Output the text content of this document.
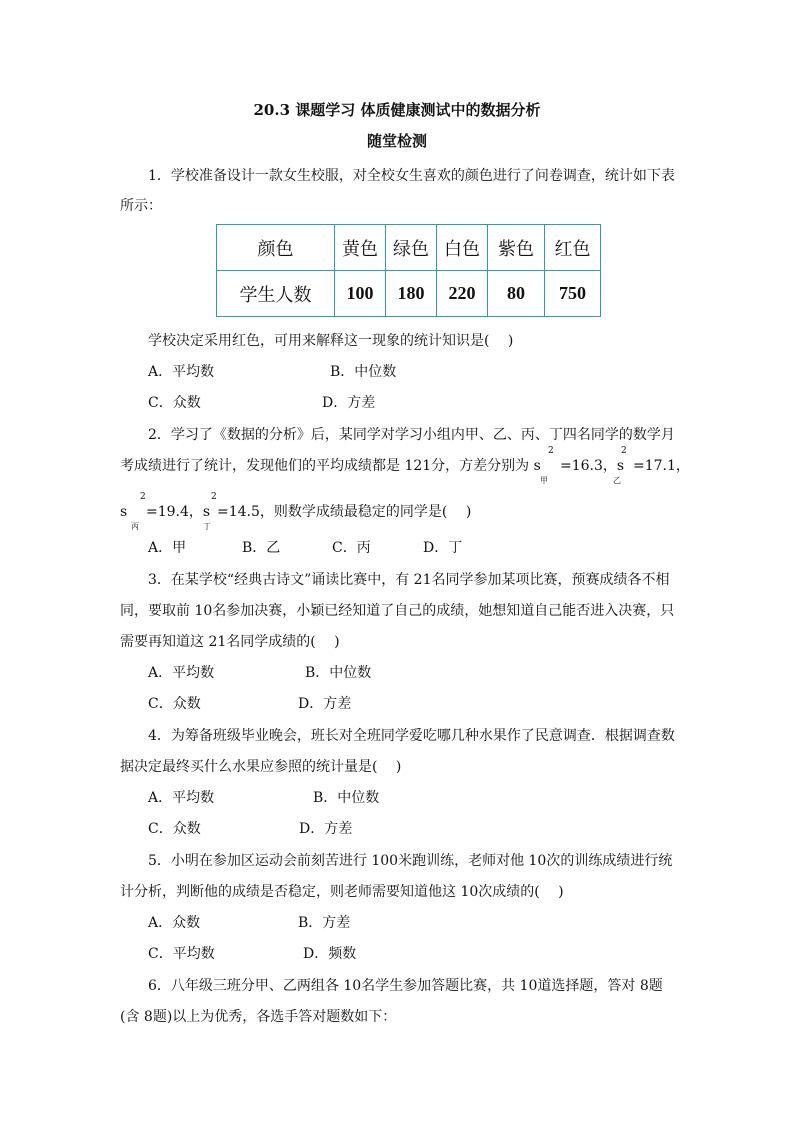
20.3 课题学习 体质健康测试中的数据分析
随堂检测
1．学校准备设计一款女生校服，对全校女生喜欢的颜色进行了问卷调查，统计如下表
所示：
颜色	黄色	绿色	白色	紫色	红色
学生人数	100	180	220	80	750
学校决定采用红色，可用来解释这一现象的统计知识是(　 )
A．平均数	B．中位数
C．众数	D．方差
2．学习了《数据的分析》后，某同学对学习小组内甲、乙、丙、丁四名同学的数学月
考成绩进行了统计，发现他们的平均成绩都是 121分，方差分别为 s
2
甲
=16.3，s
2
乙
=17.1，
s
2
丙
=19.4，s
2
丁
=14.5，则数学成绩最稳定的同学是(　 )
A．甲	B．乙	C．丙	D．丁
3．在某学校“经典古诗文”诵读比赛中，有 21名同学参加某项比赛，预赛成绩各不相
同，要取前 10名参加决赛，小颖已经知道了自己的成绩，她想知道自己能否进入决赛，只
需要再知道这 21名同学成绩的(　 )
A．平均数	B．中位数
C．众数	D．方差
4．为筹备班级毕业晚会，班长对全班同学爱吃哪几种水果作了民意调查．根据调查数
据决定最终买什么水果应参照的统计量是(　 )
A．平均数	B．中位数
C．众数	D．方差
5．小明在参加区运动会前刻苦进行 100米跑训练，老师对他 10次的训练成绩进行统
计分析，判断他的成绩是否稳定，则老师需要知道他这 10次成绩的(　 )
A．众数	B．方差
C．平均数	D．频数
6．八年级三班分甲、乙两组各 10名学生参加答题比赛，共 10道选择题，答对 8题
(含 8题)以上为优秀，各选手答对题数如下：
